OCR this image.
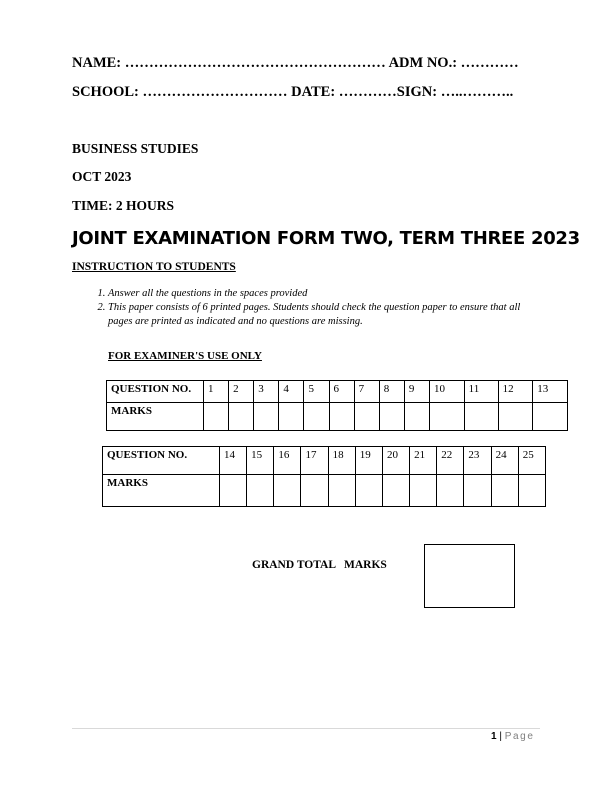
NAME: ……………………………………………… ADM NO.: …………
SCHOOL: ………………………… DATE: …………SIGN: …..………..
BUSINESS STUDIES
OCT 2023
TIME: 2 HOURS
JOINT EXAMINATION FORM TWO, TERM THREE 2023
INSTRUCTION TO STUDENTS
1. Answer all the questions in the spaces provided
2. This paper consists of 6 printed pages. Students should check the question paper to ensure that all pages are printed as indicated and no questions are missing.
FOR EXAMINER'S USE ONLY
QUESTION NO.	1	2	3	4	5	6	7	8	9	10	11	12	13
MARKS													
QUESTION NO.	14	15	16	17	18	19	20	21	22	23	24	25
MARKS												
GRAND TOTAL   MARKS
1 | Page
